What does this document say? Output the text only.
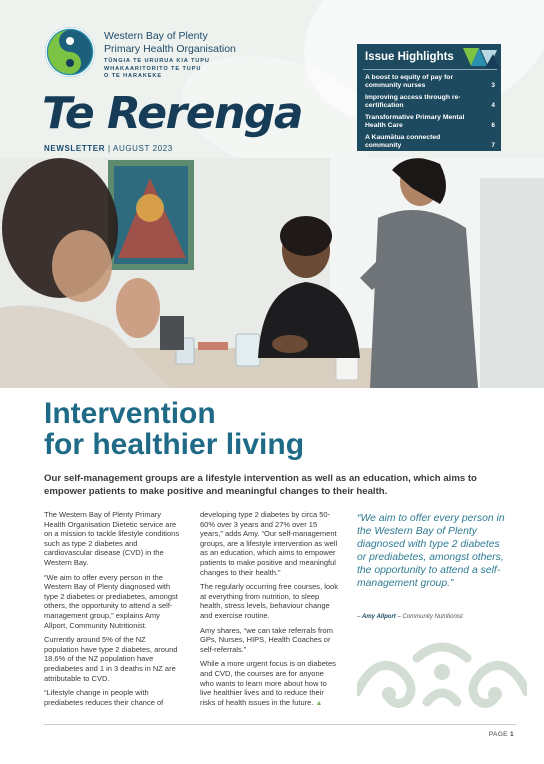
Western Bay of Plenty
Primary Health Organisation
TŪNGIA TE URURUA KIA TUPU
WHAKAARITORITO TE TUPU
O TE HARAKEKE
Te Rerenga
NEWSLETTER | AUGUST 2023
Issue Highlights
A boost to equity of pay for community nurses	3
Improving access through re-certification	4
Transformative Primary Mental Health Care	6
A Kaumātua connected community	7
Intervention
for healthier living

Our self-management groups are a lifestyle intervention as well as an education, which aims to empower patients to make positive and meaningful changes to their health.

The Western Bay of Plenty Primary Health Organisation Dietetic service are on a mission to tackle lifestyle conditions such as type 2 diabetes and cardiovascular disease (CVD) in the Western Bay.

“We aim to offer every person in the Western Bay of Plenty diagnosed with type 2 diabetes or prediabetes, amongst others, the opportunity to attend a self-management group,” explains Amy Allport, Community Nutritionist.

Currently around 5% of the NZ population have type 2 diabetes, around 18.6% of the NZ population have prediabetes and 1 in 3 deaths in NZ are attributable to CVD.

“Lifestyle change in people with prediabetes reduces their chance of

developing type 2 diabetes by circa 50-60% over 3 years and 27% over 15 years,” adds Amy. “Our self-management groups, are a lifestyle intervention as well as an education, which aims to empower patients to make positive and meaningful changes to their health.”

The regularly occurring free courses, look at everything from nutrition, to sleep health, stress levels, behaviour change and exercise routine.

Amy shares, “we can take referrals from GPs, Nurses, HIPS, Health Coaches or self-referrals.”

While a more urgent focus is on diabetes and CVD, the courses are for anyone who wants to learn more about how to live healthier lives and to reduce their risks of health issues in the future. ▲

“We aim to offer every person in the Western Bay of Plenty diagnosed with type 2 diabetes or prediabetes, amongst others, the opportunity to attend a self-management group.”
– Amy Allport – Community Nutritionist
PAGE 1
